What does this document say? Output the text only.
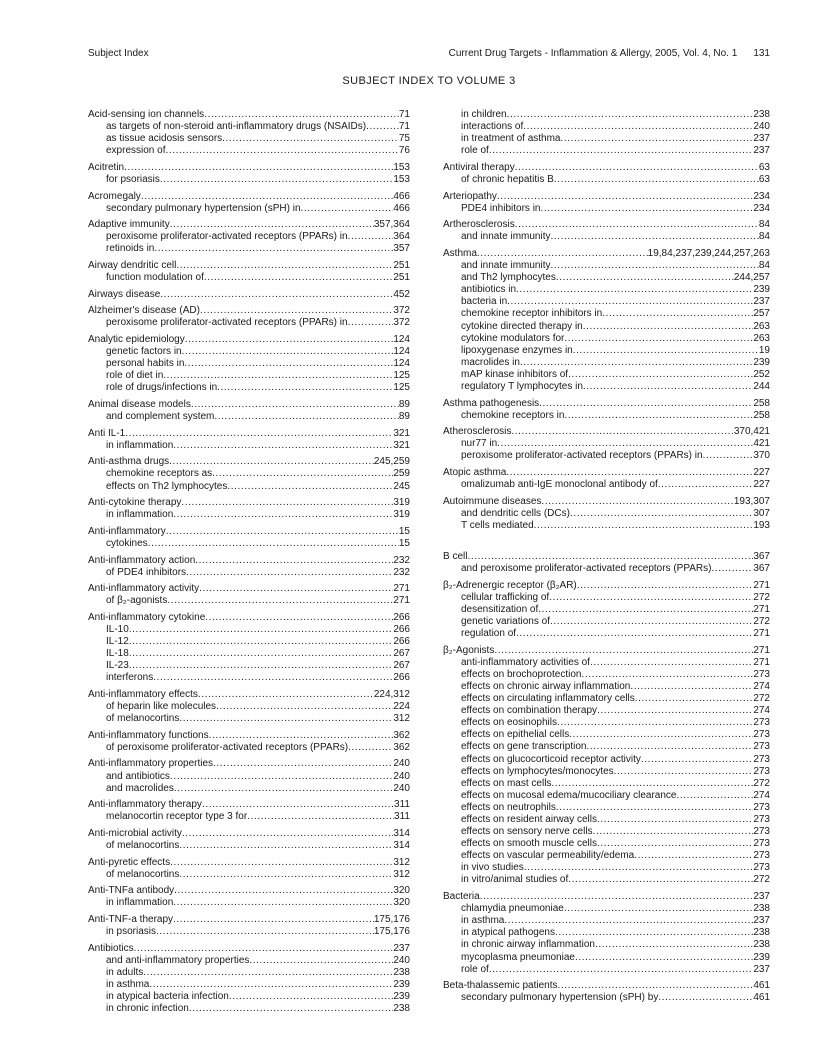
Subject Index	Current Drug Targets - Inflammation & Allergy, 2005, Vol. 4, No. 1 131
SUBJECT INDEX TO VOLUME 3
Acid-sensing ion channels .....	71
as targets of non-steroid anti-inflammatory drugs (NSAIDs) .....	71
as tissue acidosis sensors .....	75
expression of .....	76
Acitretin .....	153
for psoriasis .....	153
Acromegaly .....	466
secondary pulmonary hypertension (sPH) in .....	466
Adaptive immunity .....	357,364
peroxisome proliferator-activated receptors (PPARs) in .....	364
retinoids in .....	357
Airway dendritic cell .....	251
function modulation of .....	251
Airways disease .....	452
Alzheimer's disease (AD) .....	372
peroxisome proliferator-activated receptors (PPARs) in .....	372
Analytic epidemiology .....	124
genetic factors in .....	124
personal habits in .....	124
role of diet in .....	125
role of drugs/infections in .....	125
Animal disease models .....	89
and complement system .....	89
Anti IL-1 .....	321
in inflammation .....	321
Anti-asthma drugs .....	245,259
chemokine receptors as .....	259
effects on Th2 lymphocytes .....	245
Anti-cytokine therapy .....	319
in inflammation .....	319
Anti-inflammatory .....	15
cytokines .....	15
Anti-inflammatory action .....	232
of PDE4 inhibitors .....	232
Anti-inflammatory activity .....	271
of β₂-agonists .....	271
Anti-inflammatory cytokine .....	266
IL-10 .....	266
IL-12 .....	266
IL-18 .....	267
IL-23 .....	267
interferons .....	266
Anti-inflammatory effects .....	224,312
of heparin like molecules .....	224
of melanocortins .....	312
Anti-inflammatory functions .....	362
of peroxisome proliferator-activated receptors (PPARs) .....	362
Anti-inflammatory properties .....	240
and antibiotics .....	240
and macrolides .....	240
Anti-inflammatory therapy .....	311
melanocortin receptor type 3 for .....	311
Anti-microbial activity .....	314
of melanocortins .....	314
Anti-pyretic effects .....	312
of melanocortins .....	312
Anti-TNFa antibody .....	320
in inflammation .....	320
Anti-TNF-a therapy .....	175,176
in psoriasis .....	175,176
Antibiotics .....	237
and anti-inflammatory properties .....	240
in adults .....	238
in asthma .....	239
in atypical bacteria infection .....	239
in chronic infection .....	238
in children .....	238
interactions of .....	240
in treatment of asthma .....	237
role of .....	237
Antiviral therapy .....	63
of chronic hepatitis B .....	63
Arteriopathy .....	234
PDE4 inhibitors in .....	234
Artherosclerosis .....	84
and innate immunity .....	84
Asthma .....	19,84,237,239,244,257,263
and innate immunity .....	84
and Th2 lymphocytes .....	244,257
antibiotics in .....	239
bacteria in .....	237
chemokine receptor inhibitors in .....	257
cytokine directed therapy in .....	263
cytokine modulators for .....	263
lipoxygenase enzymes in .....	19
macrolides in .....	239
mAP kinase inhibitors of .....	252
regulatory T lymphocytes in .....	244
Asthma pathogenesis .....	258
chemokine receptors in .....	258
Atherosclerosis .....	370,421
nur77 in .....	421
peroxisome proliferator-activated receptors (PPARs) in .....	370
Atopic asthma .....	227
omalizumab anti-IgE monoclonal antibody of .....	227
Autoimmune diseases .....	193,307
and dendritic cells (DCs) .....	307
T cells mediated .....	193
B cell .....	367
and peroxisome proliferator-activated receptors (PPARs) .....	367
β₂-Adrenergic receptor (β₂AR) .....	271
cellular trafficking of .....	272
desensitization of .....	271
genetic variations of .....	272
regulation of .....	271
β₂-Agonists .....	271
anti-inflammatory activities of .....	271
effects on brochoprotection .....	273
effects on chronic airway inflammation .....	274
effects on circulating inflammatory cells .....	272
effects on combination therapy .....	274
effects on eosinophils .....	273
effects on epithelial cells .....	273
effects on gene transcription .....	273
effects on glucocorticoid receptor activity .....	273
effects on lymphocytes/monocytes .....	273
effects on mast cells .....	272
effects on mucosal edema/mucociliary clearance .....	274
effects on neutrophils .....	273
effects on resident airway cells .....	273
effects on sensory nerve cells .....	273
effects on smooth muscle cells .....	273
effects on vascular permeability/edema .....	273
in vivo studies .....	273
in vitro/animal studies of .....	272
Bacteria .....	237
chlamydia pneumoniae .....	238
in asthma .....	237
in atypical pathogens .....	238
in chronic airway inflammation .....	238
mycoplasma pneumoniae .....	239
role of .....	237
Beta-thalassemic patients .....	461
secondary pulmonary hypertension (sPH) by .....	461
